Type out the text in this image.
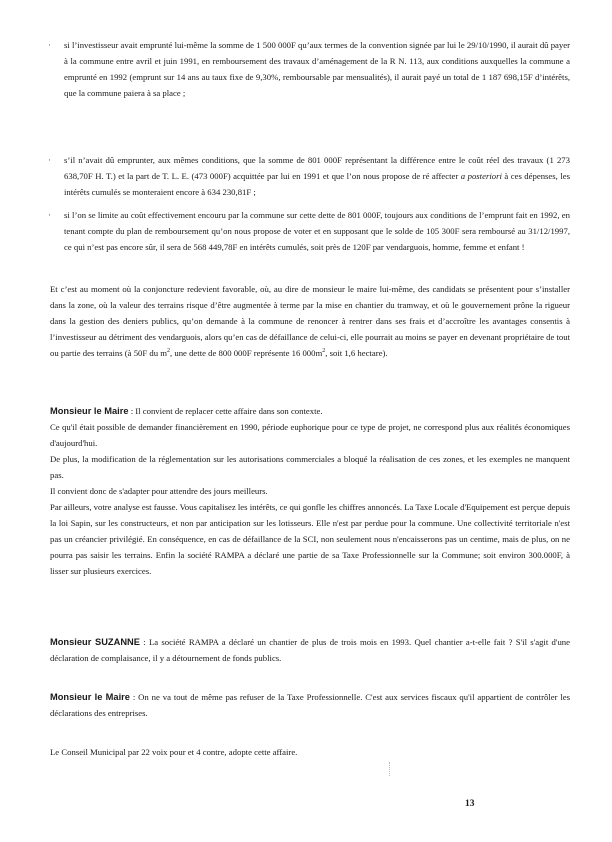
· si l’investisseur avait emprunté lui-même la somme de 1 500 000F qu’aux termes de la convention signée par lui le 29/10/1990, il aurait dû payer à la commune entre avril et juin 1991, en remboursement des travaux d’aménagement de la R N. 113, aux conditions auxquelles la commune a emprunté en 1992 (emprunt sur 14 ans au taux fixe de 9,30%, remboursable par mensualités), il aurait payé un total de 1 187 698,15F d’intérêts, que la commune paiera à sa place ;
· s’il n’avait dû emprunter, aux mêmes conditions, que la somme de 801 000F représentant la différence entre le coût réel des travaux (1 273 638,70F H. T.) et la part de T. L. E. (473 000F) acquittée par lui en 1991 et que l’on nous propose de ré affecter a posteriori à ces dépenses, les intérêts cumulés se monteraient encore à 634 230,81F ;
· si l’on se limite au coût effectivement encouru par la commune sur cette dette de 801 000F, toujours aux conditions de l’emprunt fait en 1992, en tenant compte du plan de remboursement qu’on nous propose de voter et en supposant que le solde de 105 300F sera remboursé au 31/12/1997, ce qui n’est pas encore sûr, il sera de 568 449,78F en intérêts cumulés, soit près de 120F par vendarguois, homme, femme et enfant !
Et c’est au moment où la conjoncture redevient favorable, où, au dire de monsieur le maire lui-même, des candidats se présentent pour s’installer dans la zone, où la valeur des terrains risque d’être augmentée à terme par la mise en chantier du tramway, et où le gouvernement prône la rigueur dans la gestion des deniers publics, qu’on demande à la commune de renoncer à rentrer dans ses frais et d’accroître les avantages consentis à l’investisseur au détriment des vendarguois, alors qu’en cas de défaillance de celui-ci, elle pourrait au moins se payer en devenant propriétaire de tout ou partie des terrains (à 50F du $m^2$, une dette de 800 000F représente 16 $000m^2$, soit 1,6 hectare).
Monsieur le Maire : Il convient de replacer cette affaire dans son contexte.
Ce qu'il était possible de demander financièrement en 1990, période euphorique pour ce type de projet, ne correspond plus aux réalités économiques d'aujourd'hui.
De plus, la modification de la réglementation sur les autorisations commerciales a bloqué la réalisation de ces zones, et les exemples ne manquent pas.
Il convient donc de s'adapter pour attendre des jours meilleurs.
Par ailleurs, votre analyse est fausse. Vous capitalisez les intérêts, ce qui gonfle les chiffres annoncés. La Taxe Locale d'Equipement est perçue depuis la loi Sapin, sur les constructeurs, et non par anticipation sur les lotisseurs. Elle n'est par perdue pour la commune. Une collectivité territoriale n'est pas un créancier privilégié. En conséquence, en cas de défaillance de la SCI, non seulement nous n'encaisserons pas un centime, mais de plus, on ne pourra pas saisir les terrains. Enfin la société RAMPA a déclaré une partie de sa Taxe Professionnelle sur la Commune; soit environ 300.000F, à lisser sur plusieurs exercices.
Monsieur SUZANNE : La société RAMPA a déclaré un chantier de plus de trois mois en 1993. Quel chantier a-t-elle fait ? S'il s'agit d'une déclaration de complaisance, il y a détournement de fonds publics.
Monsieur le Maire : On ne va tout de même pas refuser de la Taxe Professionnelle. C'est aux services fiscaux qu'il appartient de contrôler les déclarations des entreprises.
Le Conseil Municipal par 22 voix pour et 4 contre, adopte cette affaire.
13
